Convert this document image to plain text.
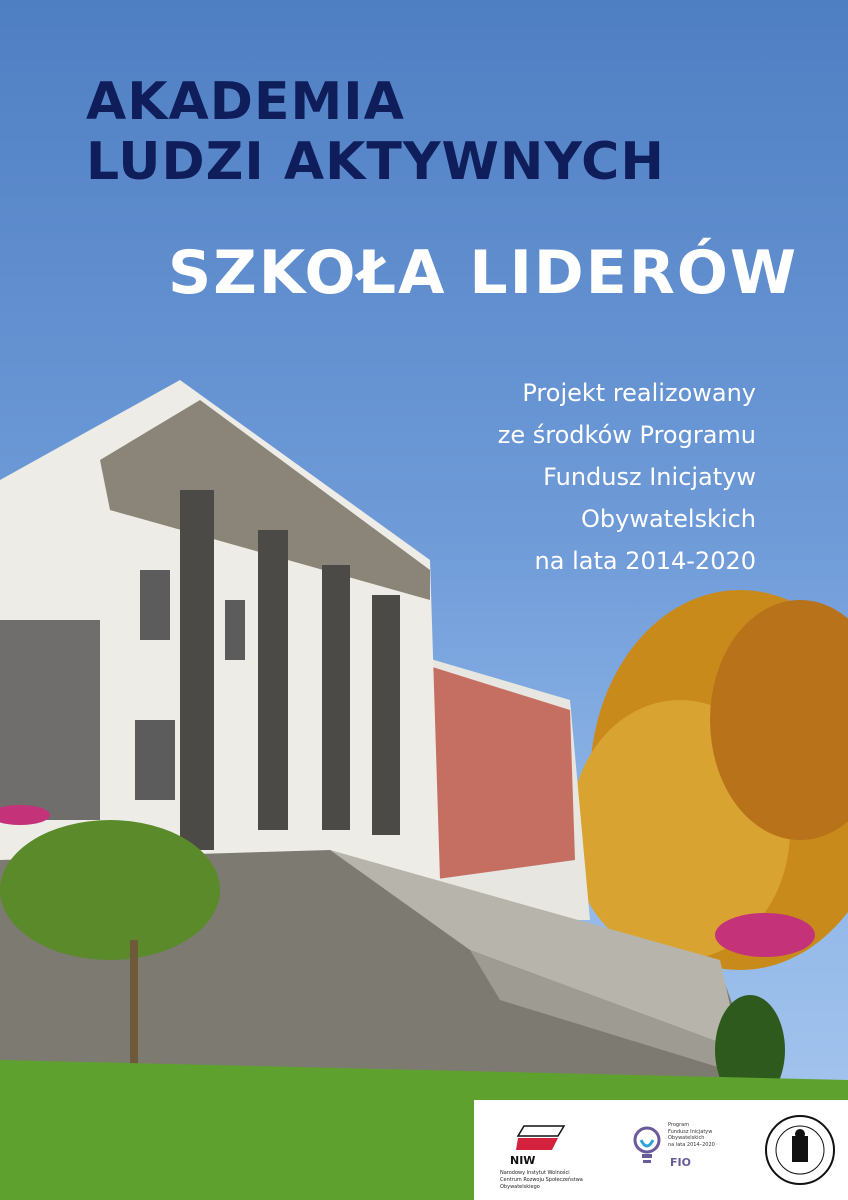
AKADEMIA
LUDZI AKTYWNYCH
SZKOŁA LIDERÓW
Projekt realizowany
ze środków Programu
Fundusz Inicjatyw
Obywatelskich
na lata 2014-2020
NIW
Narodowy Instytut Wolności
Centrum Rozwoju Społeczeństwa Obywatelskiego
Program
Fundusz Inicjatyw
Obywatelskich
na lata 2014–2020
FIO
